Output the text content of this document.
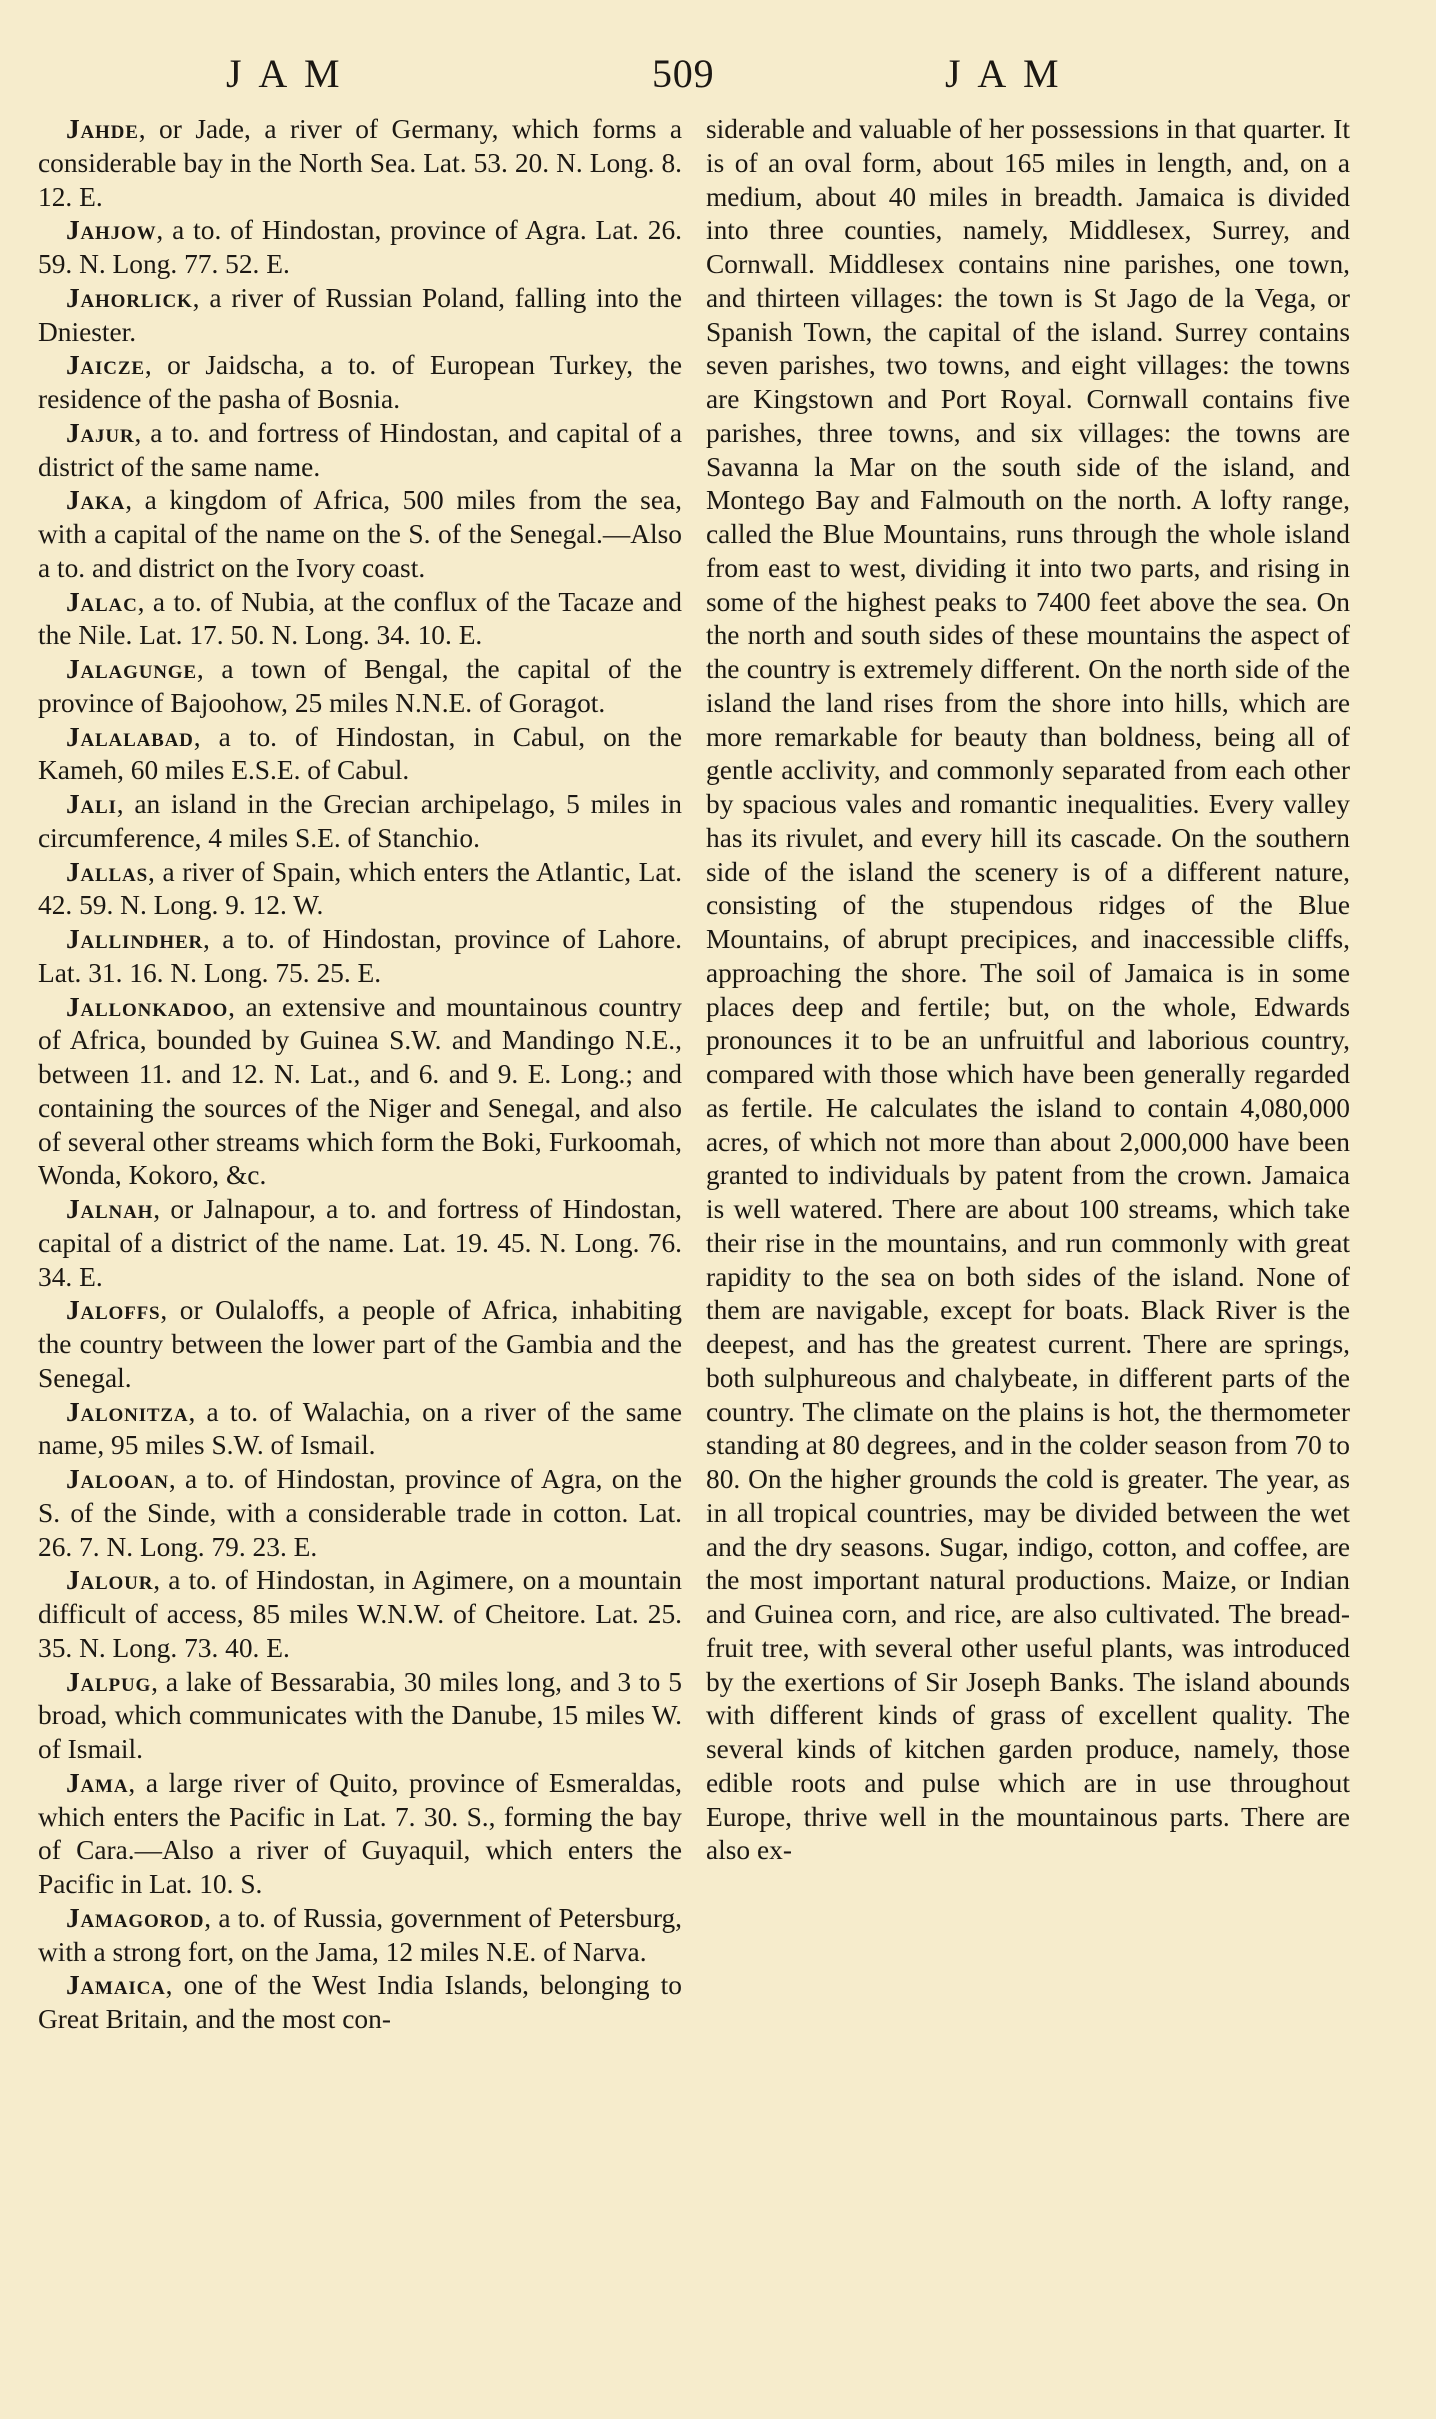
JAM	509	JAM

Jahde, or Jade, a river of Germany, which forms a considerable bay in the North Sea. Lat. 53. 20. N. Long. 8. 12. E.

Jahjow, a to. of Hindostan, province of Agra. Lat. 26. 59. N. Long. 77. 52. E.

Jahorlick, a river of Russian Poland, falling into the Dniester.

Jaicze, or Jaidscha, a to. of European Turkey, the residence of the pasha of Bosnia.

Jajur, a to. and fortress of Hindostan, and capital of a district of the same name.

Jaka, a kingdom of Africa, 500 miles from the sea, with a capital of the name on the S. of the Senegal.—Also a to. and district on the Ivory coast.

Jalac, a to. of Nubia, at the conflux of the Tacaze and the Nile. Lat. 17. 50. N. Long. 34. 10. E.

Jalagunge, a town of Bengal, the capital of the province of Bajoohow, 25 miles N.N.E. of Goragot.

Jalalabad, a to. of Hindostan, in Cabul, on the Kameh, 60 miles E.S.E. of Cabul.

Jali, an island in the Grecian archipelago, 5 miles in circumference, 4 miles S.E. of Stanchio.

Jallas, a river of Spain, which enters the Atlantic, Lat. 42. 59. N. Long. 9. 12. W.

Jallindher, a to. of Hindostan, province of Lahore. Lat. 31. 16. N. Long. 75. 25. E.

Jallonkadoo, an extensive and mountainous country of Africa, bounded by Guinea S.W. and Mandingo N.E., between 11. and 12. N. Lat., and 6. and 9. E. Long.; and containing the sources of the Niger and Senegal, and also of several other streams which form the Boki, Furkoomah, Wonda, Kokoro, &c.

Jalnah, or Jalnapour, a to. and fortress of Hindostan, capital of a district of the name. Lat. 19. 45. N. Long. 76. 34. E.

Jaloffs, or Oulaloffs, a people of Africa, inhabiting the country between the lower part of the Gambia and the Senegal.

Jalonitza, a to. of Walachia, on a river of the same name, 95 miles S.W. of Ismail.

Jaloоan, a to. of Hindostan, province of Agra, on the S. of the Sinde, with a considerable trade in cotton. Lat. 26. 7. N. Long. 79. 23. E.

Jalour, a to. of Hindostan, in Agimere, on a mountain difficult of access, 85 miles W.N.W. of Cheitore. Lat. 25. 35. N. Long. 73. 40. E.

Jalpug, a lake of Bessarabia, 30 miles long, and 3 to 5 broad, which communicates with the Danube, 15 miles W. of Ismail.

Jama, a large river of Quito, province of Esmeraldas, which enters the Pacific in Lat. 7. 30. S., forming the bay of Cara.—Also a river of Guyaquil, which enters the Pacific in Lat. 10. S.

Jamagorod, a to. of Russia, government of Petersburg, with a strong fort, on the Jama, 12 miles N.E. of Narva.

Jamaica, one of the West India Islands, belonging to Great Britain, and the most con-

siderable and valuable of her possessions in that quarter. It is of an oval form, about 165 miles in length, and, on a medium, about 40 miles in breadth. Jamaica is divided into three counties, namely, Middlesex, Surrey, and Cornwall. Middlesex contains nine parishes, one town, and thirteen villages: the town is St Jago de la Vega, or Spanish Town, the capital of the island. Surrey contains seven parishes, two towns, and eight villages: the towns are Kingstown and Port Royal. Cornwall contains five parishes, three towns, and six villages: the towns are Savanna la Mar on the south side of the island, and Montego Bay and Falmouth on the north. A lofty range, called the Blue Mountains, runs through the whole island from east to west, dividing it into two parts, and rising in some of the highest peaks to 7400 feet above the sea. On the north and south sides of these mountains the aspect of the country is extremely different. On the north side of the island the land rises from the shore into hills, which are more remarkable for beauty than boldness, being all of gentle acclivity, and commonly separated from each other by spacious vales and romantic inequalities. Every valley has its rivulet, and every hill its cascade. On the southern side of the island the scenery is of a different nature, consisting of the stupendous ridges of the Blue Mountains, of abrupt precipices, and inaccessible cliffs, approaching the shore. The soil of Jamaica is in some places deep and fertile; but, on the whole, Edwards pronounces it to be an unfruitful and laborious country, compared with those which have been generally regarded as fertile. He calculates the island to contain 4,080,000 acres, of which not more than about 2,000,000 have been granted to individuals by patent from the crown. Jamaica is well watered. There are about 100 streams, which take their rise in the mountains, and run commonly with great rapidity to the sea on both sides of the island. None of them are navigable, except for boats. Black River is the deepest, and has the greatest current. There are springs, both sulphureous and chalybeate, in different parts of the country. The climate on the plains is hot, the thermometer standing at 80 degrees, and in the colder season from 70 to 80. On the higher grounds the cold is greater. The year, as in all tropical countries, may be divided between the wet and the dry seasons. Sugar, indigo, cotton, and coffee, are the most important natural productions. Maize, or Indian and Guinea corn, and rice, are also cultivated. The bread-fruit tree, with several other useful plants, was introduced by the exertions of Sir Joseph Banks. The island abounds with different kinds of grass of excellent quality. The several kinds of kitchen garden produce, namely, those edible roots and pulse which are in use throughout Europe, thrive well in the mountainous parts. There are also ex-
